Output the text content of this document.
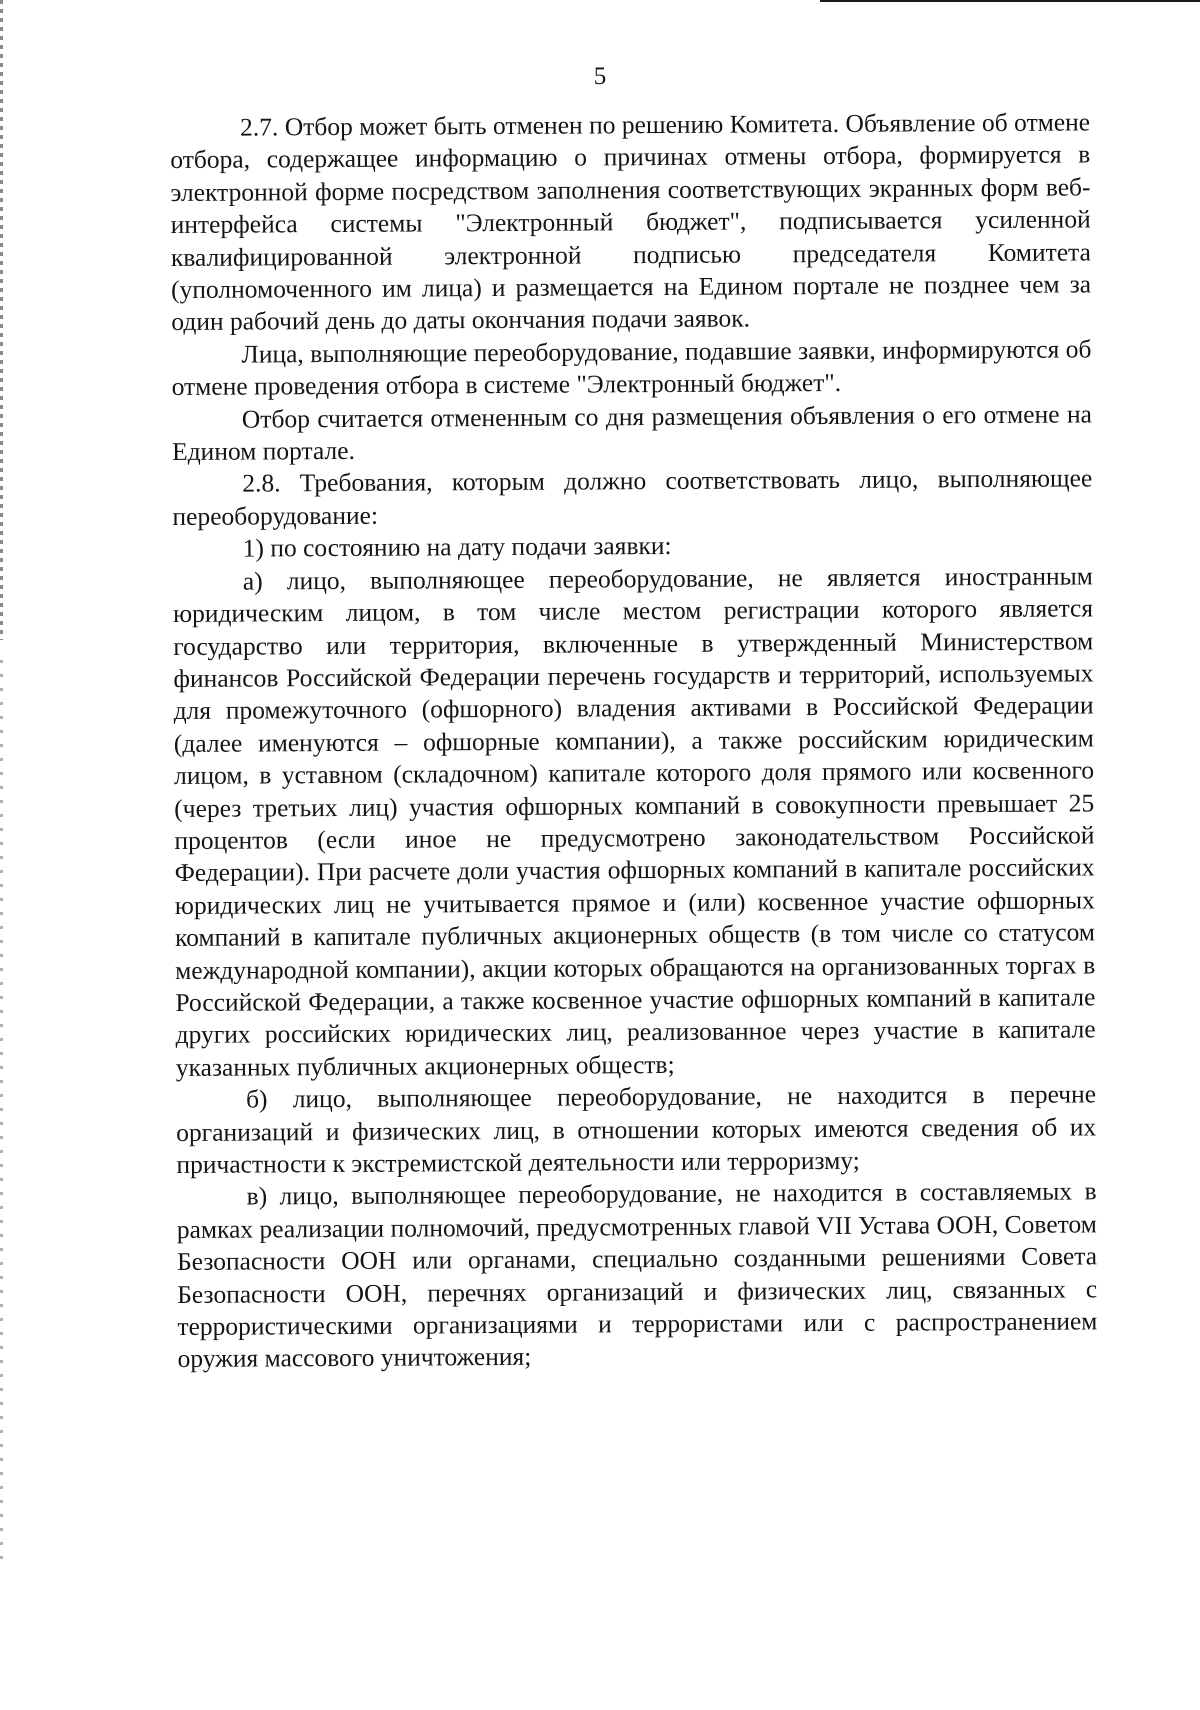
5

2.7. Отбор может быть отменен по решению Комитета. Объявление об отмене отбора, содержащее информацию о причинах отмены отбора, формируется в электронной форме посредством заполнения соответствующих экранных форм веб-интерфейса системы "Электронный бюджет", подписывается усиленной квалифицированной электронной подписью председателя Комитета (уполномоченного им лица) и размещается на Едином портале не позднее чем за один рабочий день до даты окончания подачи заявок.

Лица, выполняющие переоборудование, подавшие заявки, информируются об отмене проведения отбора в системе "Электронный бюджет".

Отбор считается отмененным со дня размещения объявления о его отмене на Едином портале.

2.8. Требования, которым должно соответствовать лицо, выполняющее переоборудование:

1) по состоянию на дату подачи заявки:

а) лицо, выполняющее переоборудование, не является иностранным юридическим лицом, в том числе местом регистрации которого является государство или территория, включенные в утвержденный Министерством финансов Российской Федерации перечень государств и территорий, используемых для промежуточного (офшорного) владения активами в Российской Федерации (далее именуются – офшорные компании), а также российским юридическим лицом, в уставном (складочном) капитале которого доля прямого или косвенного (через третьих лиц) участия офшорных компаний в совокупности превышает 25 процентов (если иное не предусмотрено законодательством Российской Федерации). При расчете доли участия офшорных компаний в капитале российских юридических лиц не учитывается прямое и (или) косвенное участие офшорных компаний в капитале публичных акционерных обществ (в том числе со статусом международной компании), акции которых обращаются на организованных торгах в Российской Федерации, а также косвенное участие офшорных компаний в капитале других российских юридических лиц, реализованное через участие в капитале указанных публичных акционерных обществ;

б) лицо, выполняющее переоборудование, не находится в перечне организаций и физических лиц, в отношении которых имеются сведения об их причастности к экстремистской деятельности или терроризму;

в) лицо, выполняющее переоборудование, не находится в составляемых в рамках реализации полномочий, предусмотренных главой VII Устава ООН, Советом Безопасности ООН или органами, специально созданными решениями Совета Безопасности ООН, перечнях организаций и физических лиц, связанных с террористическими организациями и террористами или с распространением оружия массового уничтожения;
